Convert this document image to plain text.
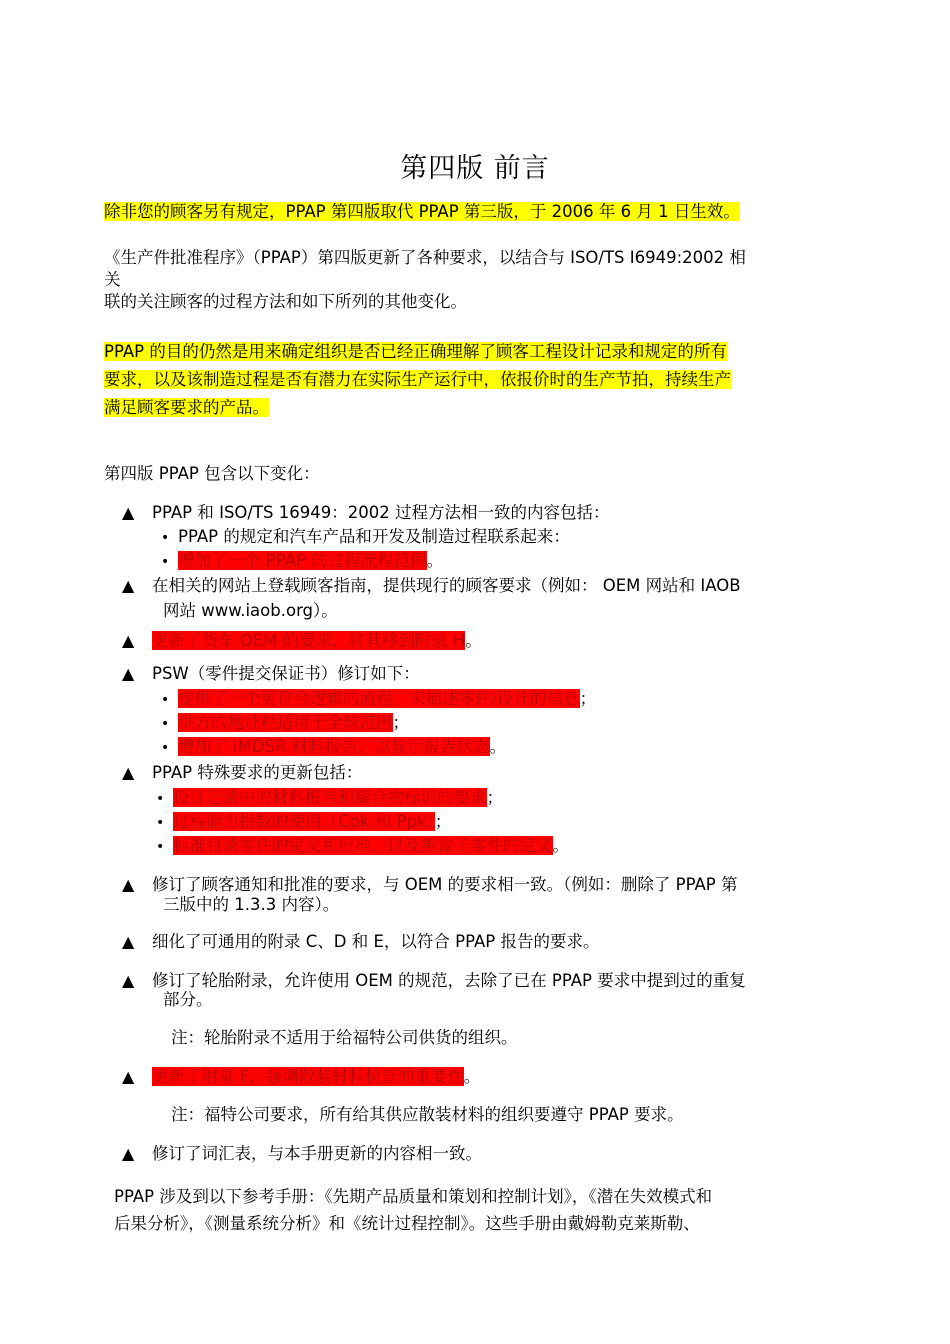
第四版 前言
除非您的顾客另有规定，PPAP 第四版取代 PPAP 第三版，于 2006 年 6 月 1 日生效。
《生产件批准程序》（PPAP）第四版更新了各种要求，以结合与 ISO/TS I6949:2002 相
关
联的关注顾客的过程方法和如下所列的其他变化。
PPAP 的目的仍然是用来确定组织是否已经正确理解了顾客工程设计记录和规定的所有
要求，以及该制造过程是否有潜力在实际生产运行中，依报价时的生产节拍，持续生产
满足顾客要求的产品。
第四版 PPAP 包含以下变化：
▲ PPAP 和 ISO/TS 16949：2002 过程方法相一致的内容包括：
• PPAP 的规定和汽车产品和开发及制造过程联系起来：
• 增加了一个 PPAP 的过程流程范例。
▲ 在相关的网站上登载顾客指南，提供现行的顾客要求（例如： OEM 网站和 IAOB
网站 www.iaob.org）。
▲ 更新了货车 OEM 的要求，将其移到附录 H。
▲ PSW（零件提交保证书）修订如下：
• 提供了一个更符合逻辑的流程，来描述零件/设计的信息；
• 供方的地址栏适用于全球范围；
• 增加了 IMDSR 材料报告，以显示报告状态。
▲ PPAP 特殊要求的更新包括：
• 设计记录中的材料报告和聚合物标识的要求；
• 过程能力指数的使用（Cpk 和 Ppk）；
• 标准目录零件的定义和批准，以及黑盒子零件的定义。
▲ 修订了顾客通知和批准的要求，与 OEM 的要求相一致。（例如：删除了 PPAP 第
三版中的 1.3.3 内容）。
▲ 细化了可通用的附录 C、D 和 E，以符合 PPAP 报告的要求。
▲ 修订了轮胎附录，允许使用 OEM 的规范，去除了已在 PPAP 要求中提到过的重复
部分。
注：轮胎附录不适用于给福特公司供货的组织。
▲ 更新了附录 F，强调散装材料检查的重要性。
注：福特公司要求，所有给其供应散装材料的组织要遵守 PPAP 要求。
▲ 修订了词汇表，与本手册更新的内容相一致。
PPAP 涉及到以下参考手册：《先期产品质量和策划和控制计划》，《潜在失效模式和
后果分析》，《测量系统分析》和《统计过程控制》。这些手册由戴姆勒克莱斯勒、
